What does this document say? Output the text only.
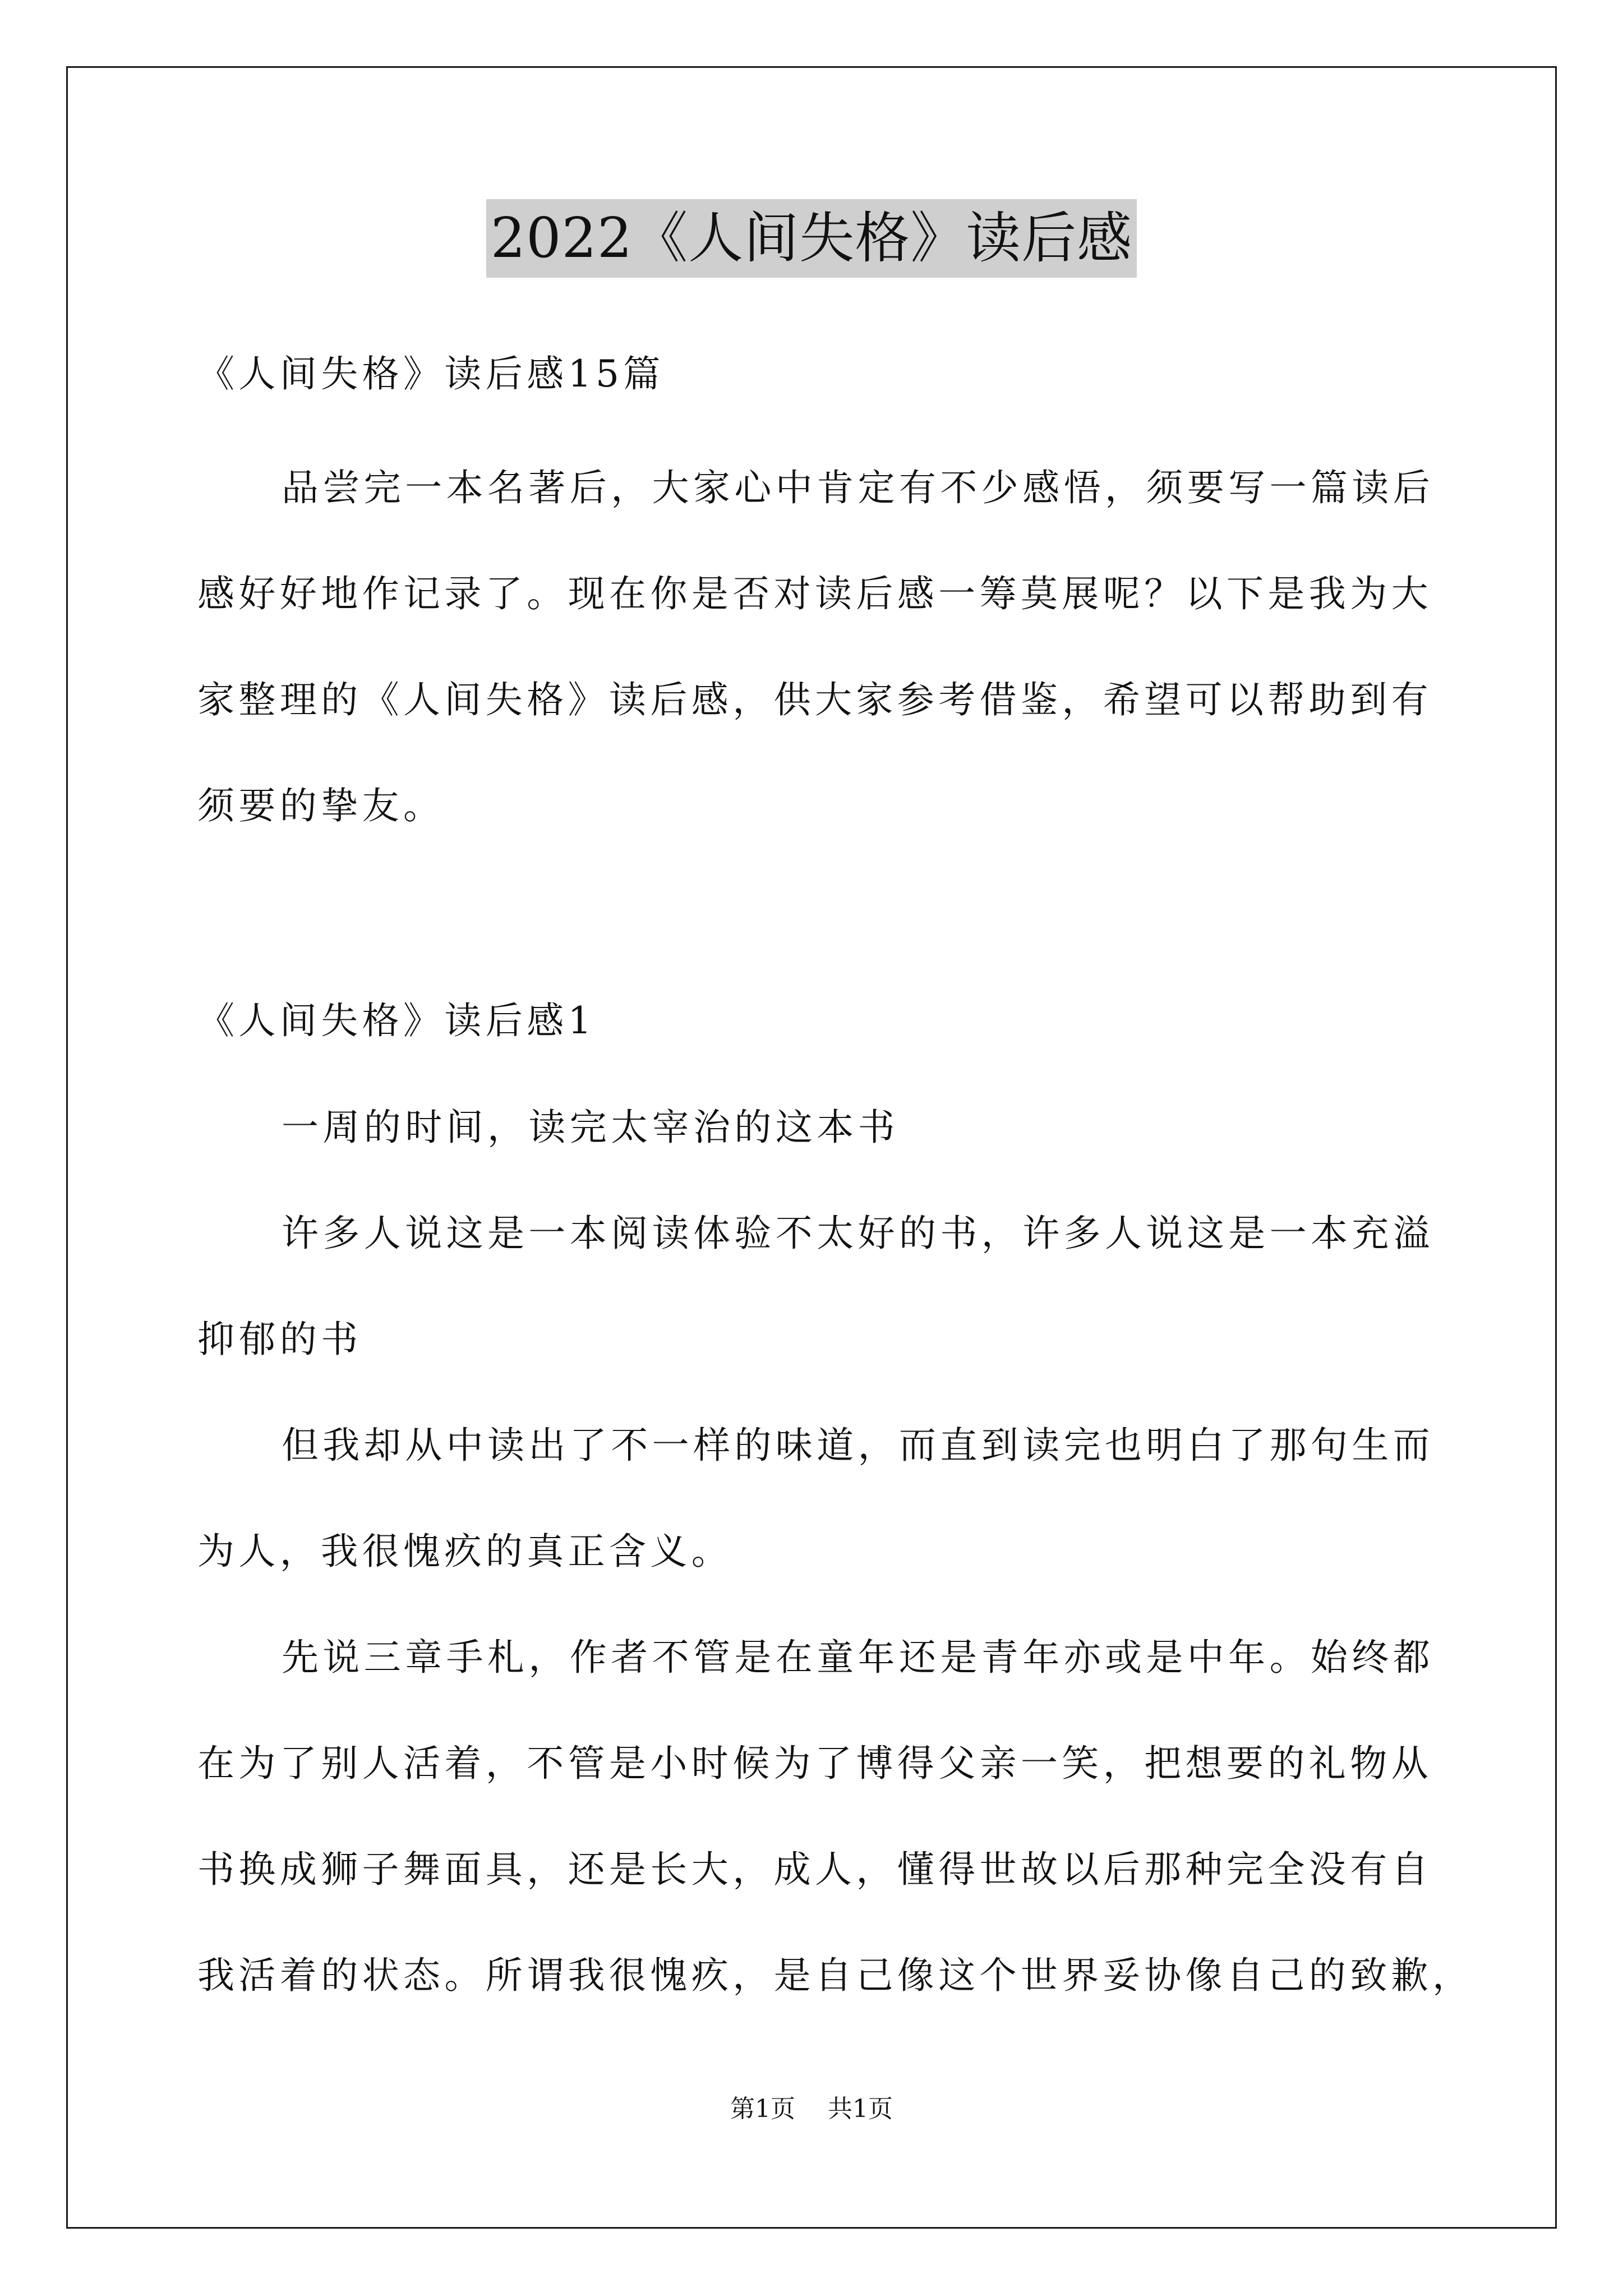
2022《人间失格》读后感
《人间失格》读后感15篇
品尝完一本名著后，大家心中肯定有不少感悟，须要写一篇读后
感好好地作记录了。现在你是否对读后感一筹莫展呢？以下是我为大
家整理的《人间失格》读后感，供大家参考借鉴，希望可以帮助到有
须要的挚友。
《人间失格》读后感1
一周的时间，读完太宰治的这本书
许多人说这是一本阅读体验不太好的书，许多人说这是一本充溢
抑郁的书
但我却从中读出了不一样的味道，而直到读完也明白了那句生而
为人，我很愧疚的真正含义。
先说三章手札，作者不管是在童年还是青年亦或是中年。始终都
在为了别人活着，不管是小时候为了博得父亲一笑，把想要的礼物从
书换成狮子舞面具，还是长大，成人，懂得世故以后那种完全没有自
我活着的状态。所谓我很愧疚，是自己像这个世界妥协像自己的致歉，
第1页 共1页
